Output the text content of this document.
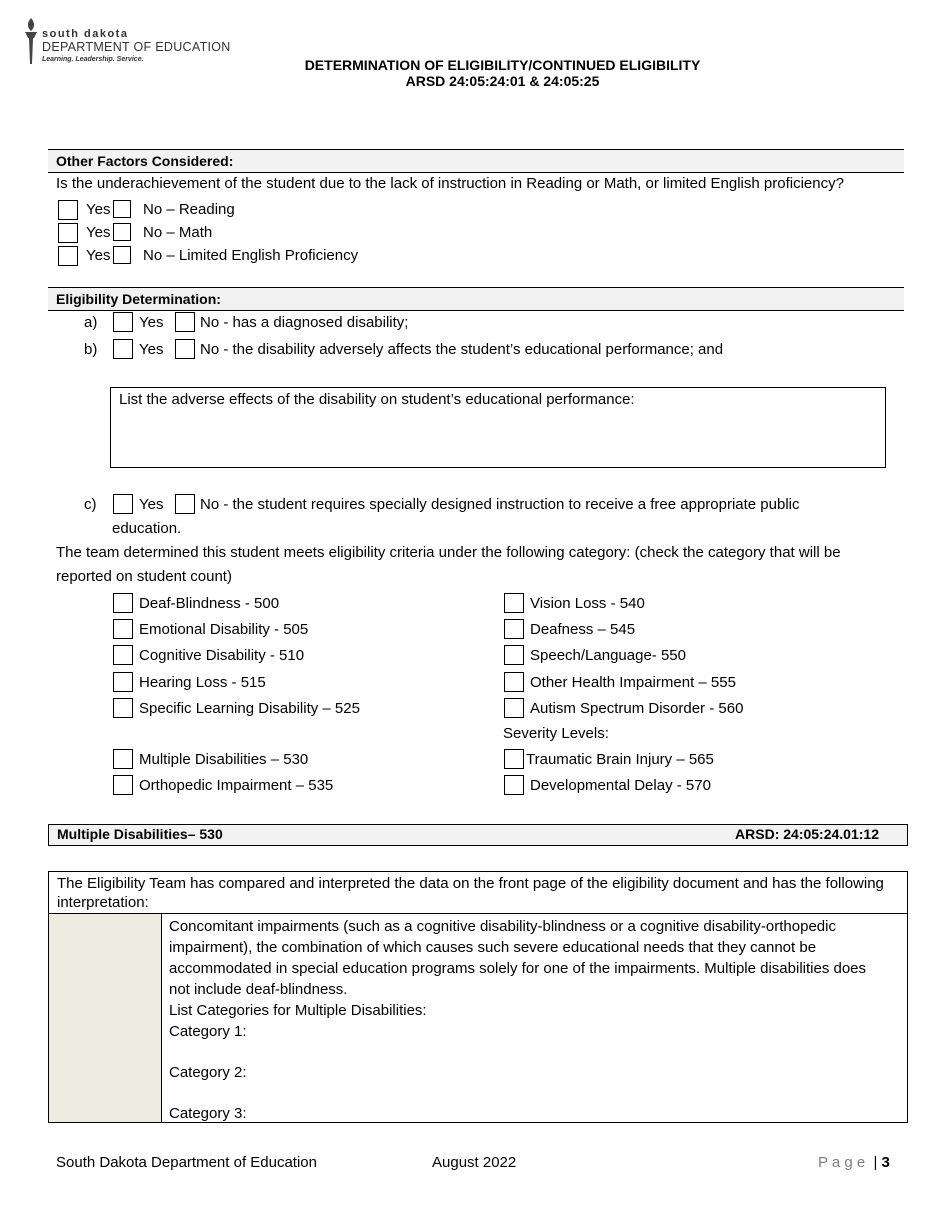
south dakota
DEPARTMENT OF EDUCATION
Learning. Leadership. Service.	DETERMINATION OF ELIGIBILITY/CONTINUED ELIGIBILITY
ARSD 24:05:24:01 & 24:05:25
Other Factors Considered:
Is the underachievement of the student due to the lack of instruction in Reading or Math, or limited English proficiency?
Yes No – Reading
Yes No – Math
Yes No – Limited English Proficiency
Eligibility Determination:
a)	Yes No - has a diagnosed disability;
b)	Yes No - the disability adversely affects the student’s educational performance; and
List the adverse effects of the disability on student’s educational performance:
c)	Yes No - the student requires specially designed instruction to receive a free appropriate public
education.
The team determined this student meets eligibility criteria under the following category: (check the category that will be
reported on student count)
Deaf-Blindness - 500
Emotional Disability - 505
Cognitive Disability - 510
Hearing Loss - 515
Specific Learning Disability – 525
Multiple Disabilities – 530
Orthopedic Impairment – 535
Vision Loss - 540
Deafness – 545
Speech/Language- 550
Other Health Impairment – 555
Autism Spectrum Disorder - 560
Severity Levels:
Traumatic Brain Injury – 565
Developmental Delay - 570
Multiple Disabilities– 530	ARSD: 24:05:24.01:12
The Eligibility Team has compared and interpreted the data on the front page of the eligibility document and has the following interpretation:
Concomitant impairments (such as a cognitive disability-blindness or a cognitive disability-orthopedic impairment), the combination of which causes such severe educational needs that they cannot be accommodated in special education programs solely for one of the impairments. Multiple disabilities does not include deaf-blindness.
List Categories for Multiple Disabilities:
Category 1:
Category 2:
Category 3:
South Dakota Department of Education	August 2022	P a g e | 3
